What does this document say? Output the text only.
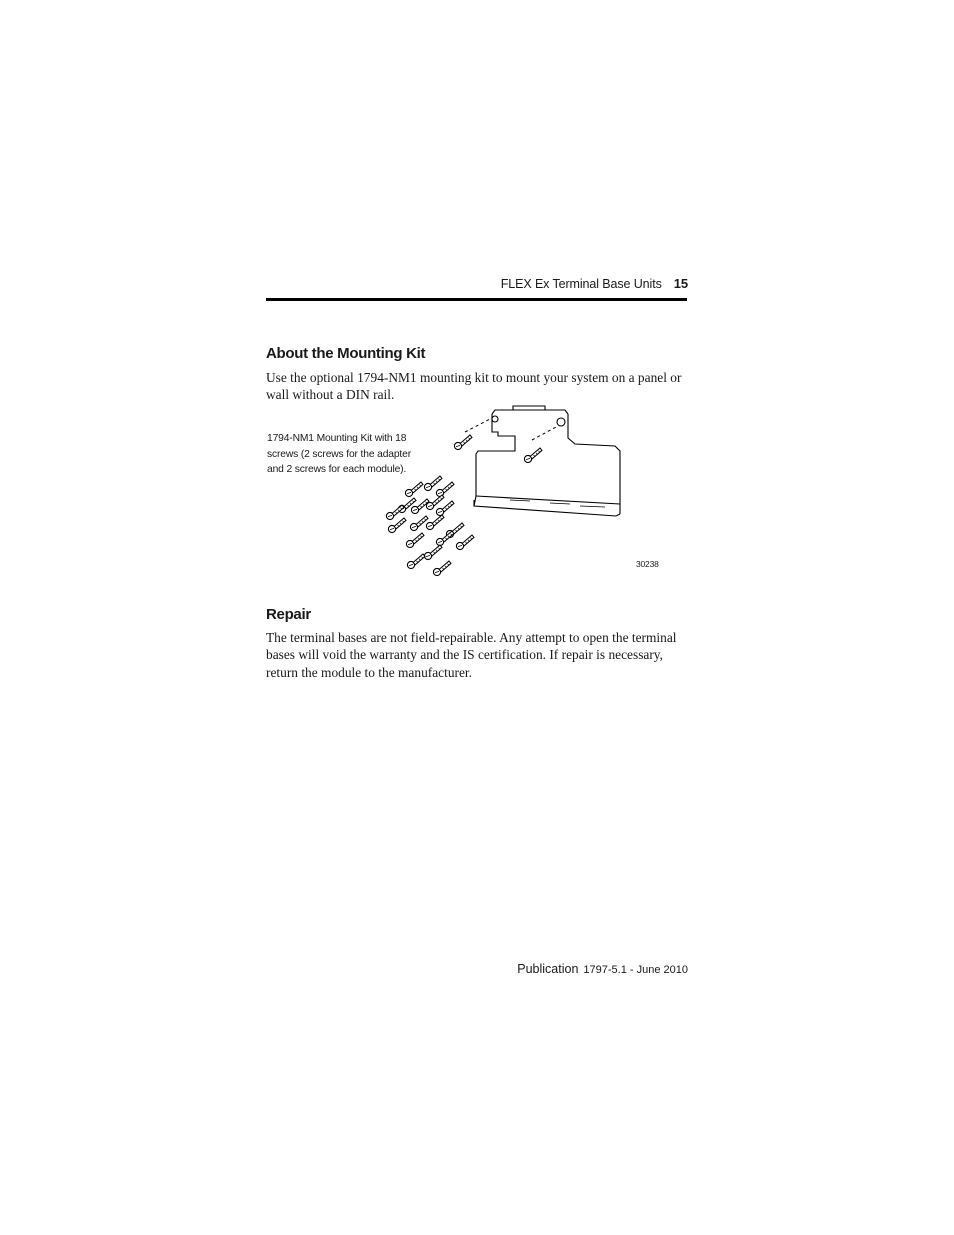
FLEX Ex Terminal Base Units 15
About the Mounting Kit

Use the optional 1794-NM1 mounting kit to mount your system on a panel or wall without a DIN rail.

1794-NM1 Mounting Kit with 18 screws (2 screws for the adapter and 2 screws for each module).

30238
Repair

The terminal bases are not field-repairable. Any attempt to open the terminal bases will void the warranty and the IS certification. If repair is necessary, return the module to the manufacturer.

Publication 1797-5.1 - June 2010
